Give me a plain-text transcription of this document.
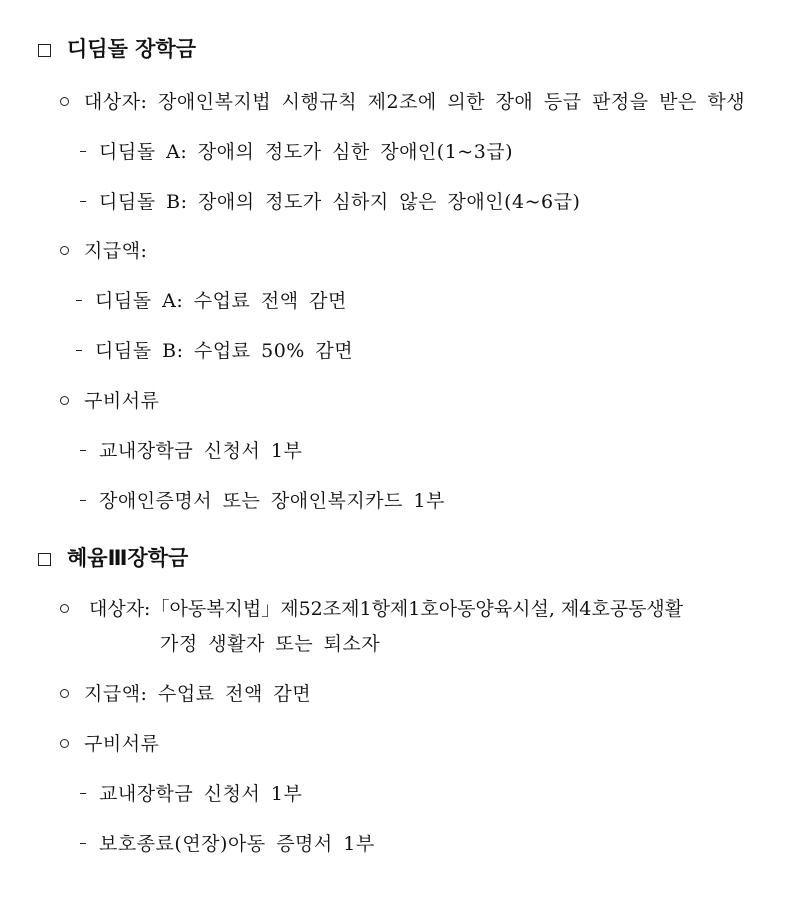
디딤돌 장학금
대상자: 장애인복지법 시행규칙 제2조에 의한 장애 등급 판정을 받은 학생
디딤돌 A: 장애의 정도가 심한 장애인(1~3급)
디딤돌 B: 장애의 정도가 심하지 않은 장애인(4~6급)
지급액:
디딤돌 A: 수업료 전액 감면
디딤돌 B: 수업료 50% 감면
구비서류
교내장학금 신청서 1부
장애인증명서 또는 장애인복지카드 1부
혜윰Ⅲ장학금
대상자:「아동복지법」제52조제1항제1호아동양육시설, 제4호공동생활
가정 생활자 또는 퇴소자
지급액: 수업료 전액 감면
구비서류
교내장학금 신청서 1부
보호종료(연장)아동 증명서 1부
